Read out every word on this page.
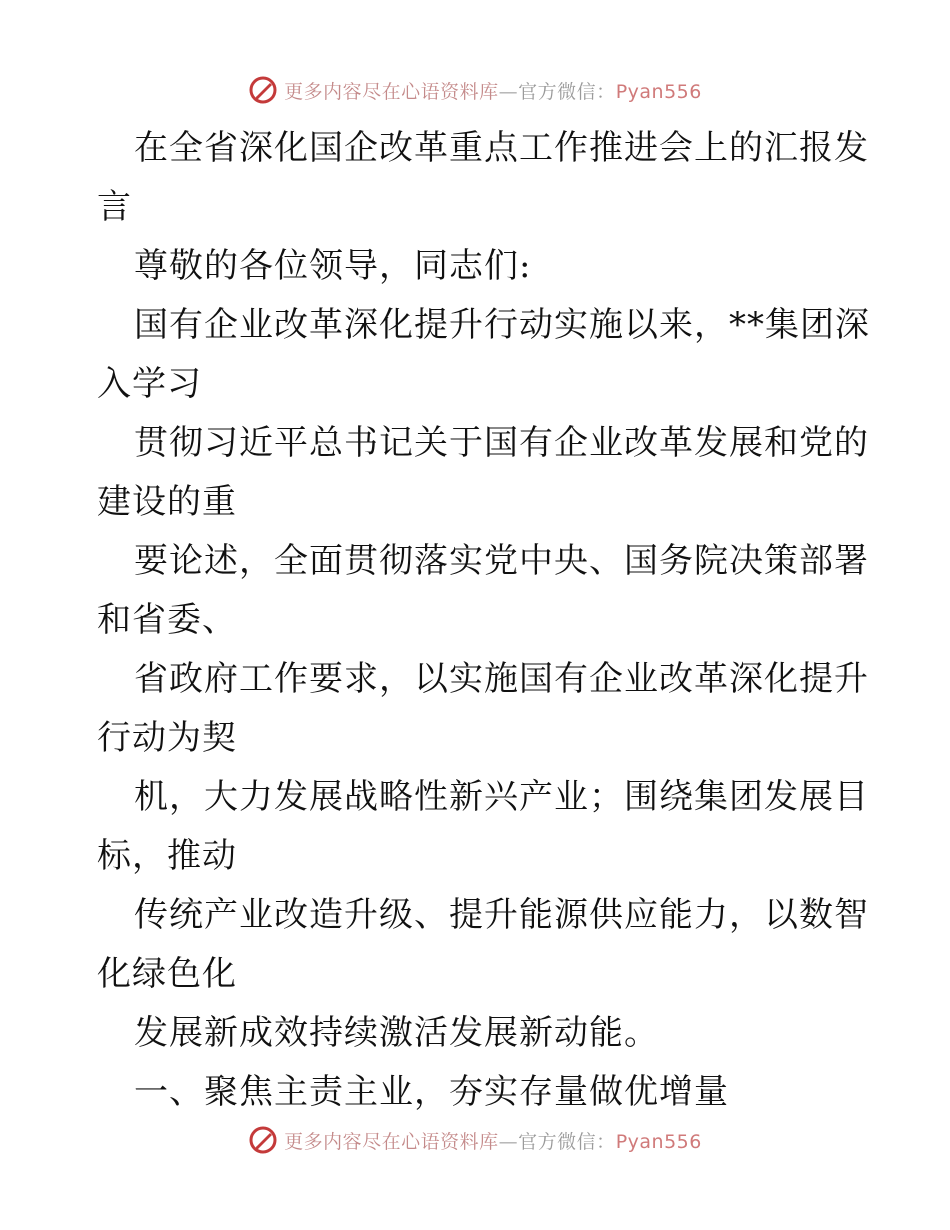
更多内容尽在心语资料库—官方微信：Pyan556
在全省深化国企改革重点工作推进会上的汇报发
言
尊敬的各位领导，同志们:
国有企业改革深化提升行动实施以来，**集团深
入学习
贯彻习近平总书记关于国有企业改革发展和党的
建设的重
要论述，全面贯彻落实党中央、国务院决策部署
和省委、
省政府工作要求，以实施国有企业改革深化提升
行动为契
机，大力发展战略性新兴产业；围绕集团发展目
标，推动
传统产业改造升级、提升能源供应能力，以数智
化绿色化
发展新成效持续激活发展新动能。
一、聚焦主责主业，夯实存量做优增量
更多内容尽在心语资料库—官方微信：Pyan556
